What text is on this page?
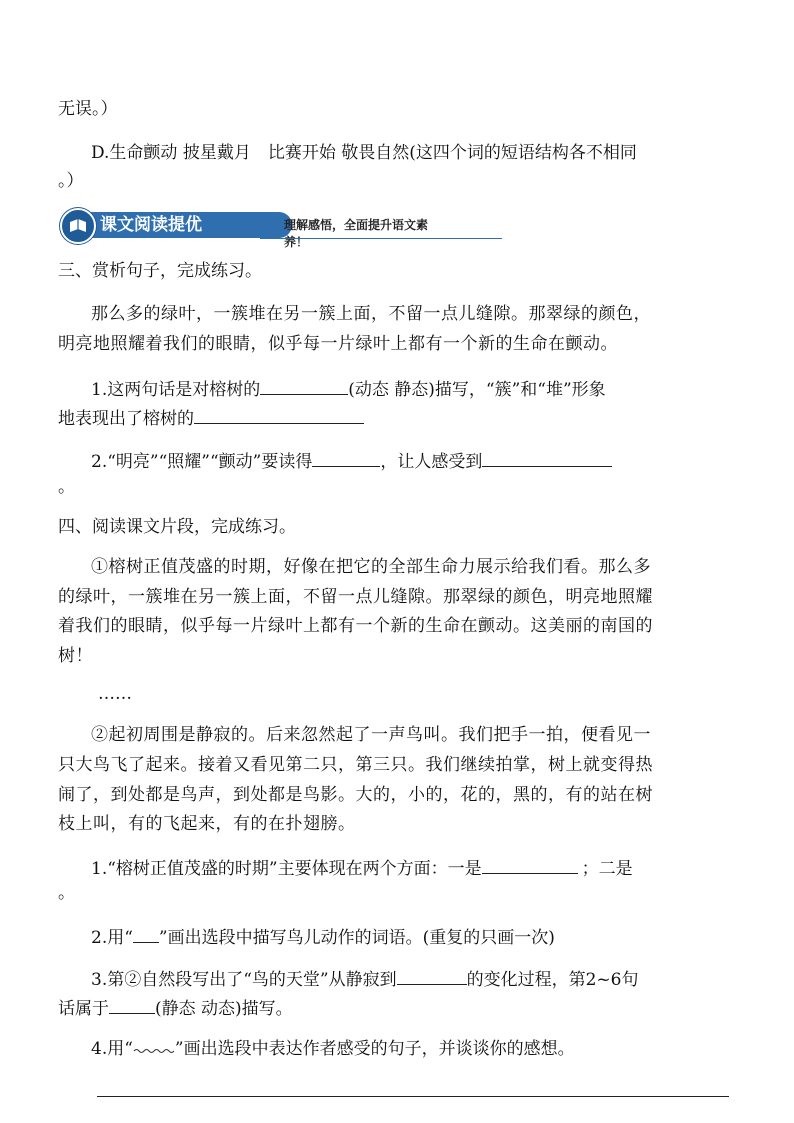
无误。）
D.生命颤动 披星戴月　比赛开始 敬畏自然(这四个词的短语结构各不相同
。）
课文阅读提优	理解感悟，全面提升语文素养！
三、赏析句子，完成练习。
那么多的绿叶，一簇堆在另一簇上面，不留一点儿缝隙。那翠绿的颜色，
明亮地照耀着我们的眼睛，似乎每一片绿叶上都有一个新的生命在颤动。
1.这两句话是对榕树的	(动态 静态)描写，“簇”和“堆”形象
地表现出了榕树的
2.“明亮”“照耀”“颤动”要读得	，让人感受到
。
四、阅读课文片段，完成练习。
①榕树正值茂盛的时期，好像在把它的全部生命力展示给我们看。那么多
的绿叶，一簇堆在另一簇上面，不留一点儿缝隙。那翠绿的颜色，明亮地照耀
着我们的眼睛，似乎每一片绿叶上都有一个新的生命在颤动。这美丽的南国的
树！
……
②起初周围是静寂的。后来忽然起了一声鸟叫。我们把手一拍，便看见一
只大鸟飞了起来。接着又看见第二只，第三只。我们继续拍掌，树上就变得热
闹了，到处都是鸟声，到处都是鸟影。大的，小的，花的，黑的，有的站在树
枝上叫，有的飞起来，有的在扑翅膀。
1.“榕树正值茂盛的时期”主要体现在两个方面：一是	；二是
。
2.用“ ”画出选段中描写鸟儿动作的词语。(重复的只画一次)
3.第②自然段写出了“鸟的天堂”从静寂到	的变化过程，第2~6句
话属于	(静态 动态)描写。
4.用“ ”画出选段中表达作者感受的句子，并谈谈你的感想。
